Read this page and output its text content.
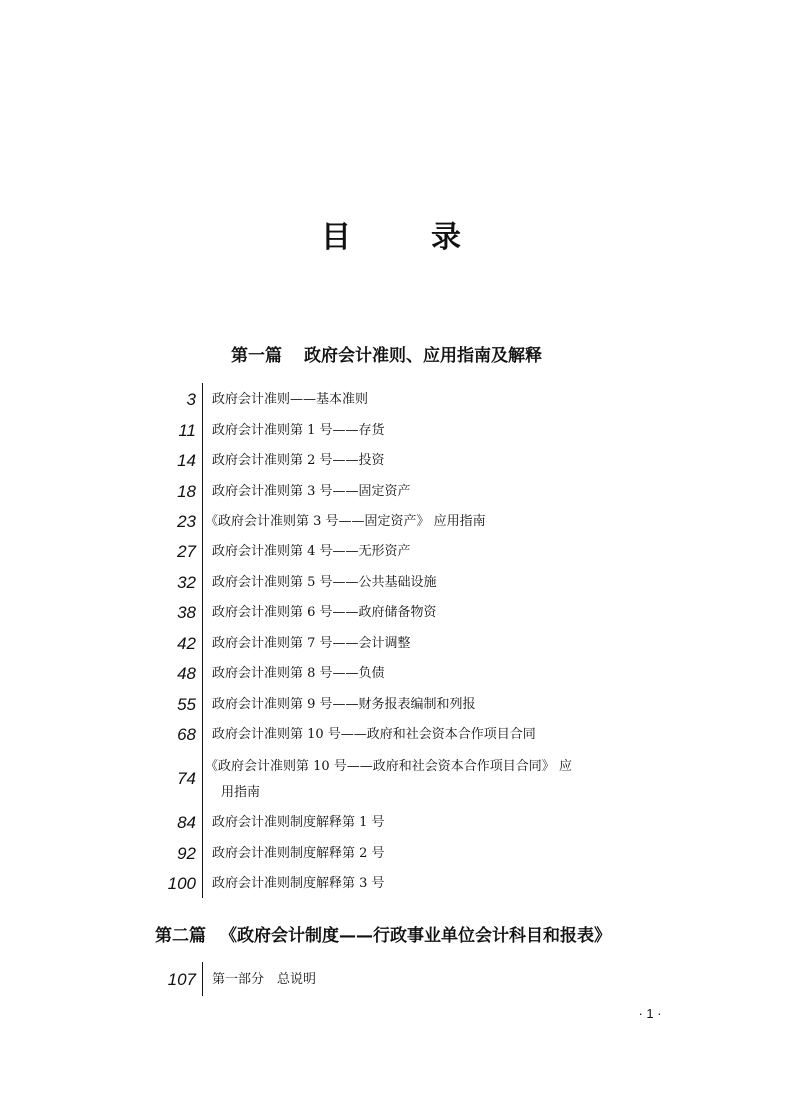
目 录
第一篇 政府会计准则、应用指南及解释
3 政府会计准则——基本准则
11 政府会计准则第 1 号——存货
14 政府会计准则第 2 号——投资
18 政府会计准则第 3 号——固定资产
23 《政府会计准则第 3 号——固定资产》 应用指南
27 政府会计准则第 4 号——无形资产
32 政府会计准则第 5 号——公共基础设施
38 政府会计准则第 6 号——政府储备物资
42 政府会计准则第 7 号——会计调整
48 政府会计准则第 8 号——负债
55 政府会计准则第 9 号——财务报表编制和列报
68 政府会计准则第 10 号——政府和社会资本合作项目合同
74
《政府会计准则第 10 号——政府和社会资本合作项目合同》 应
用指南
84 政府会计准则制度解释第 1 号
92 政府会计准则制度解释第 2 号
100 政府会计准则制度解释第 3 号
第二篇 《政府会计制度——行政事业单位会计科目和报表》
107 第一部分　总说明
· 1 ·
